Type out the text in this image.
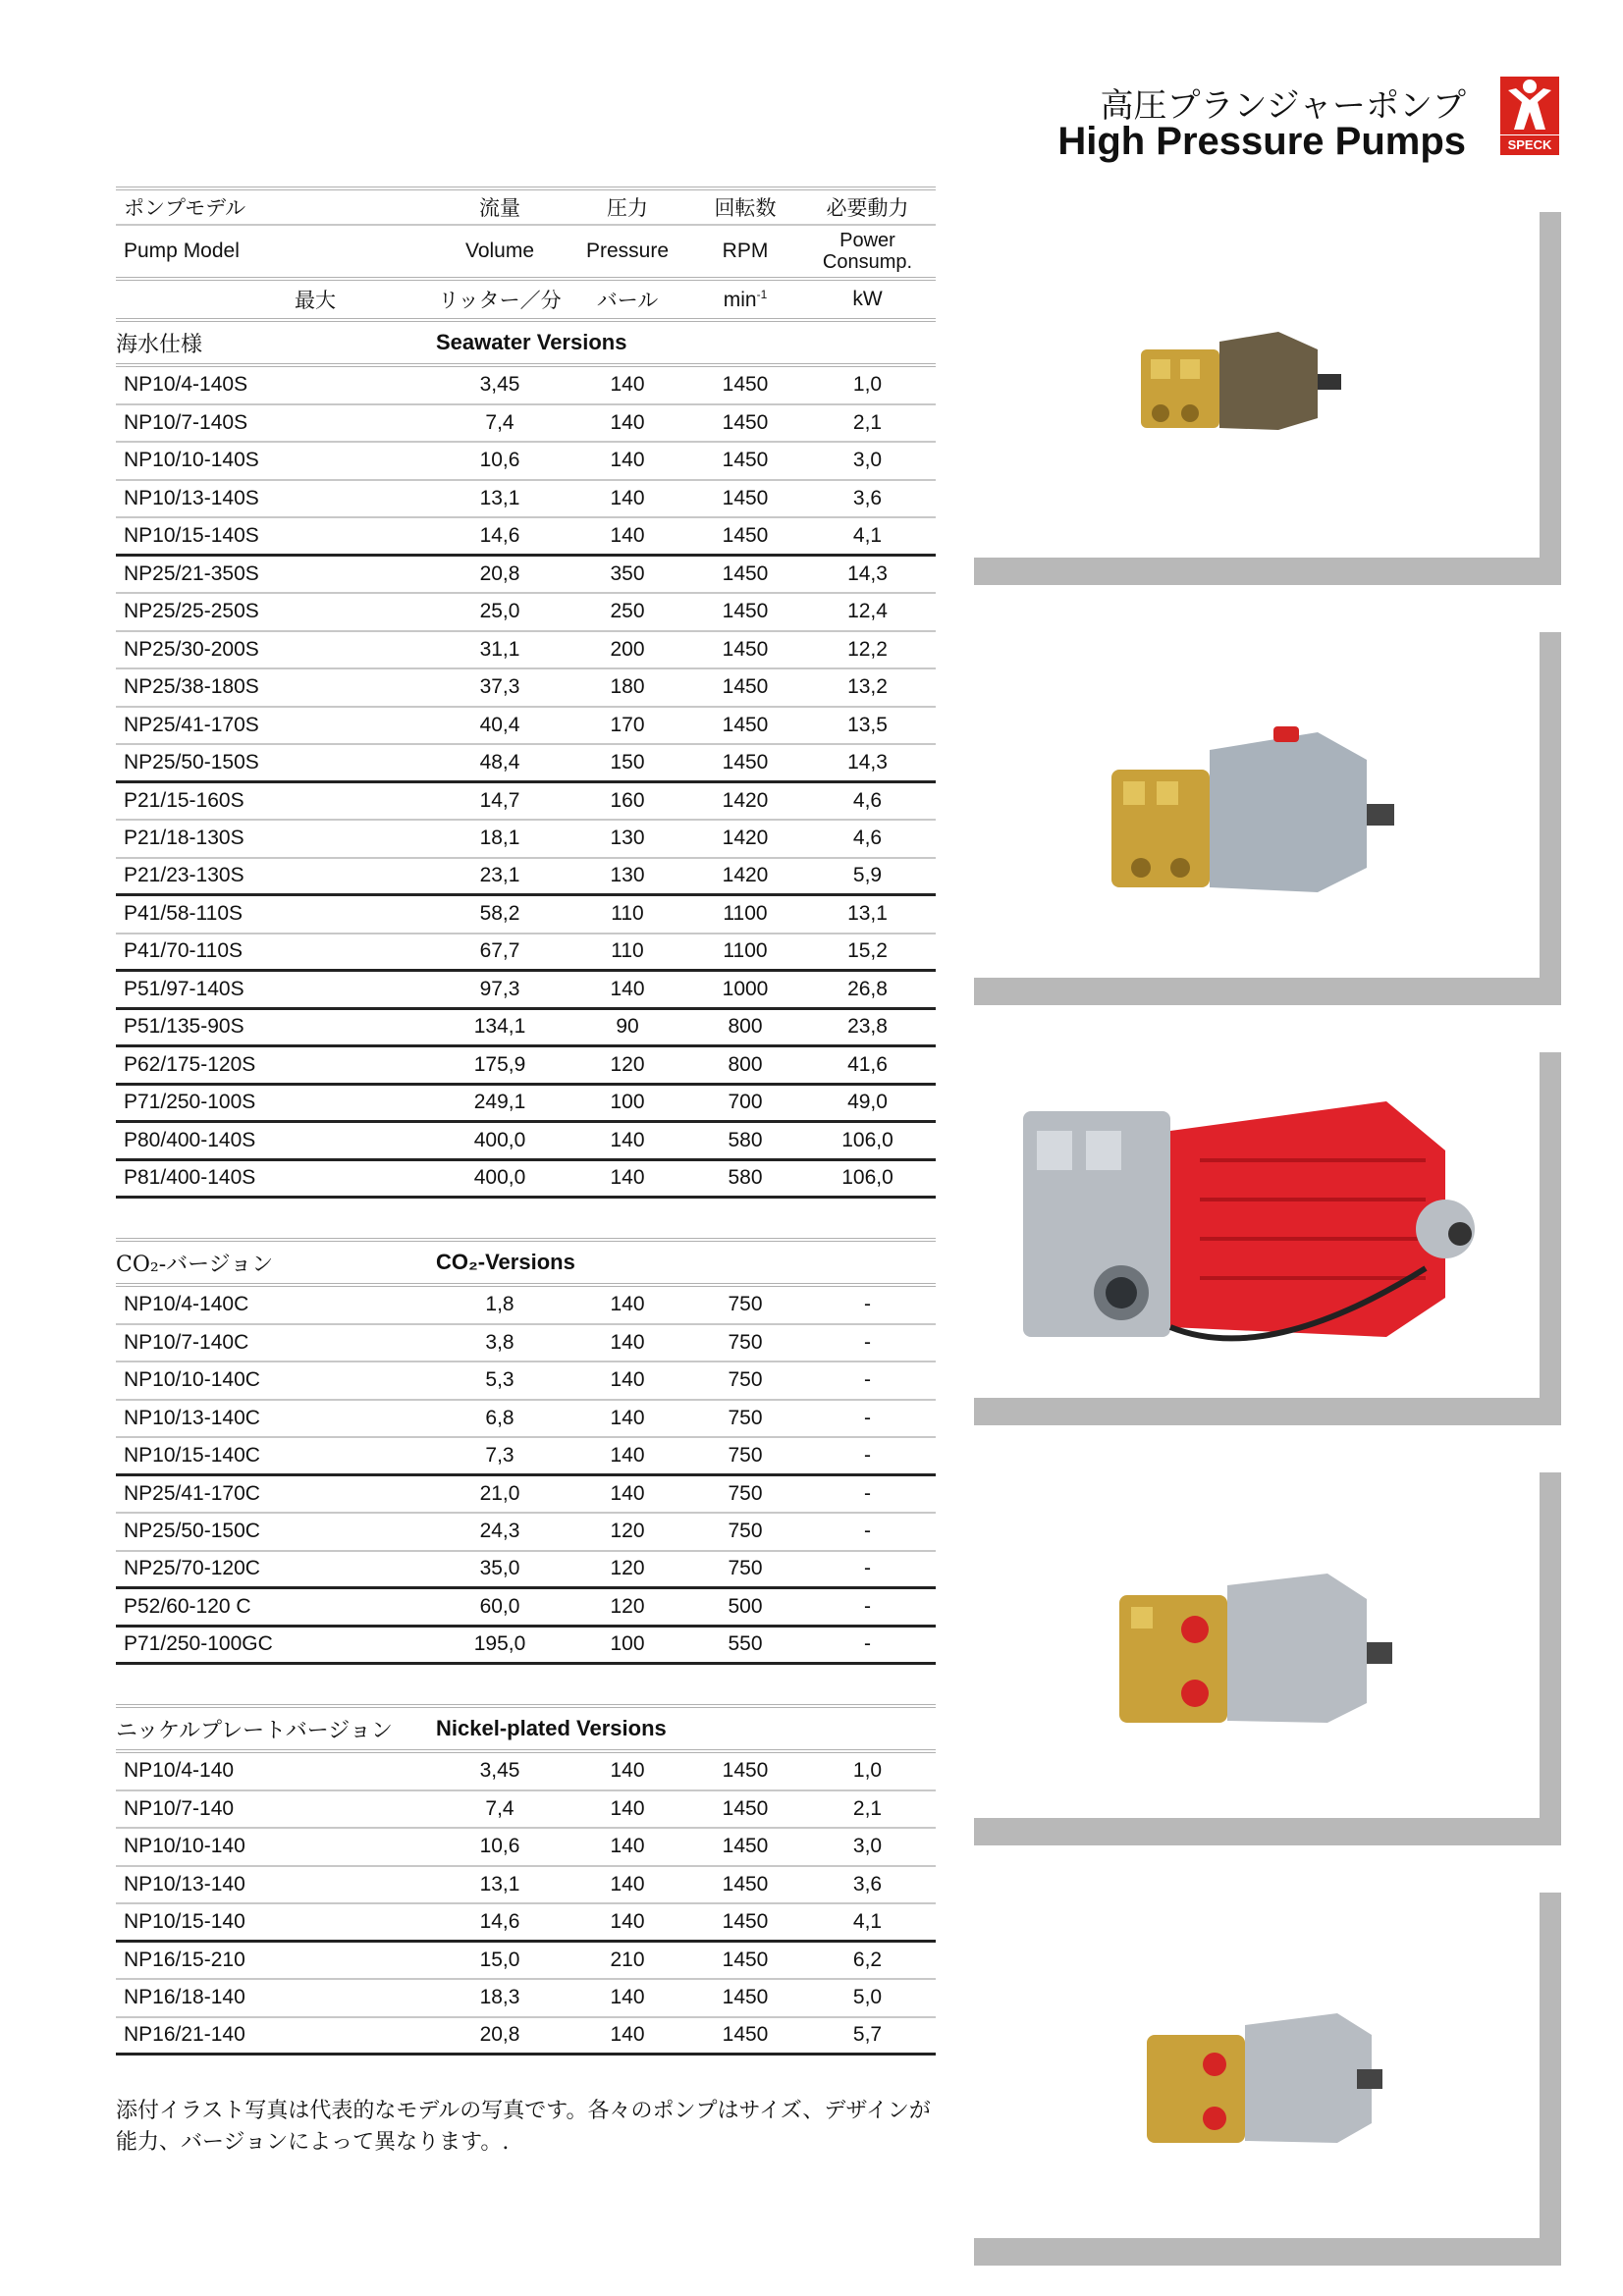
高圧プランジャーポンプ
High Pressure Pumps	SPECK
ポンプモデル	流量	圧力	回転数	必要動力
Pump Model	Volume	Pressure	RPM	Power Consump.
最大	リッター／分	バール	$\min^{-1}$	kW
海水仕様	Seawater Versions
NP10/4-140S	3,45	140	1450	1,0
NP10/7-140S	7,4	140	1450	2,1
NP10/10-140S	10,6	140	1450	3,0
NP10/13-140S	13,1	140	1450	3,6
NP10/15-140S	14,6	140	1450	4,1
NP25/21-350S	20,8	350	1450	14,3
NP25/25-250S	25,0	250	1450	12,4
NP25/30-200S	31,1	200	1450	12,2
NP25/38-180S	37,3	180	1450	13,2
NP25/41-170S	40,4	170	1450	13,5
NP25/50-150S	48,4	150	1450	14,3
P21/15-160S	14,7	160	1420	4,6
P21/18-130S	18,1	130	1420	4,6
P21/23-130S	23,1	130	1420	5,9
P41/58-110S	58,2	110	1100	13,1
P41/70-110S	67,7	110	1100	15,2
P51/97-140S	97,3	140	1000	26,8
P51/135-90S	134,1	90	800	23,8
P62/175-120S	175,9	120	800	41,6
P71/250-100S	249,1	100	700	49,0
P80/400-140S	400,0	140	580	106,0
P81/400-140S	400,0	140	580	106,0
CO₂-バージョン	CO₂-Versions
NP10/4-140C	1,8	140	750	-
NP10/7-140C	3,8	140	750	-
NP10/10-140C	5,3	140	750	-
NP10/13-140C	6,8	140	750	-
NP10/15-140C	7,3	140	750	-
NP25/41-170C	21,0	140	750	-
NP25/50-150C	24,3	120	750	-
NP25/70-120C	35,0	120	750	-
P52/60-120 C	60,0	120	500	-
P71/250-100GC	195,0	100	550	-
ニッケルプレートバージョン	Nickel-plated Versions
NP10/4-140	3,45	140	1450	1,0
NP10/7-140	7,4	140	1450	2,1
NP10/10-140	10,6	140	1450	3,0
NP10/13-140	13,1	140	1450	3,6
NP10/15-140	14,6	140	1450	4,1
NP16/15-210	15,0	210	1450	6,2
NP16/18-140	18,3	140	1450	5,0
NP16/21-140	20,8	140	1450	5,7
添付イラスト写真は代表的なモデルの写真です。各々のポンプはサイズ、デザインが
能力、バージョンによって異なります。.
